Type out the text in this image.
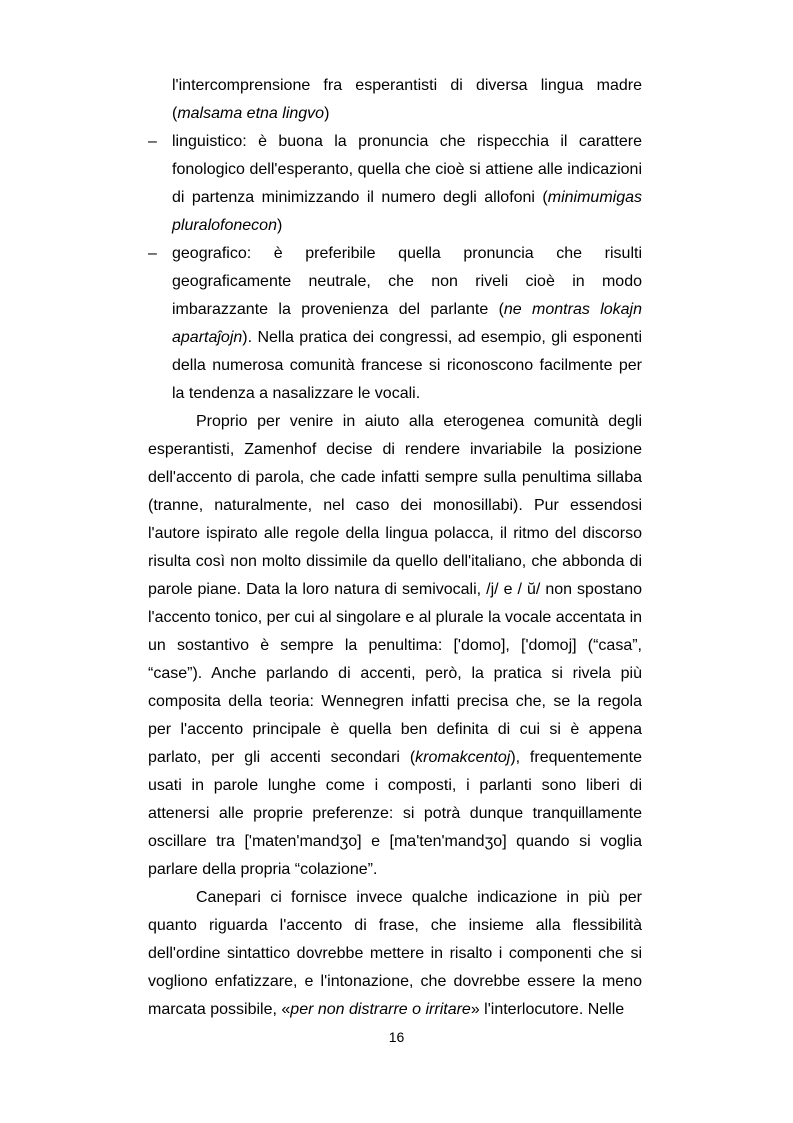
l'intercomprensione fra esperantisti di diversa lingua madre (malsama etna lingvo)

– linguistico: è buona la pronuncia che rispecchia il carattere fonologico dell'esperanto, quella che cioè si attiene alle indicazioni di partenza minimizzando il numero degli allofoni (minimumigas pluralofonecon)
– geografico: è preferibile quella pronuncia che risulti geograficamente neutrale, che non riveli cioè in modo imbarazzante la provenienza del parlante (ne montras lokajn apartaĵojn). Nella pratica dei congressi, ad esempio, gli esponenti della numerosa comunità francese si riconoscono facilmente per la tendenza a nasalizzare le vocali.

Proprio per venire in aiuto alla eterogenea comunità degli esperantisti, Zamenhof decise di rendere invariabile la posizione dell'accento di parola, che cade infatti sempre sulla penultima sillaba (tranne, naturalmente, nel caso dei monosillabi). Pur essendosi l'autore ispirato alle regole della lingua polacca, il ritmo del discorso risulta così non molto dissimile da quello dell'italiano, che abbonda di parole piane. Data la loro natura di semivocali, /j/ e / ŭ/ non spostano l'accento tonico, per cui al singolare e al plurale la vocale accentata in un sostantivo è sempre la penultima: ['domo], ['domoj] (“casa”, “case”). Anche parlando di accenti, però, la pratica si rivela più composita della teoria: Wennegren infatti precisa che, se la regola per l'accento principale è quella ben definita di cui si è appena parlato, per gli accenti secondari (kromakcentoj), frequentemente usati in parole lunghe come i composti, i parlanti sono liberi di attenersi alle proprie preferenze: si potrà dunque tranquillamente oscillare tra ['maten'mandʒo] e [ma'ten'mandʒo] quando si voglia parlare della propria “colazione”.

Canepari ci fornisce invece qualche indicazione in più per quanto riguarda l'accento di frase, che insieme alla flessibilità dell'ordine sintattico dovrebbe mettere in risalto i componenti che si vogliono enfatizzare, e l'intonazione, che dovrebbe essere la meno marcata possibile, «per non distrarre o irritare» l'interlocutore. Nelle

16
